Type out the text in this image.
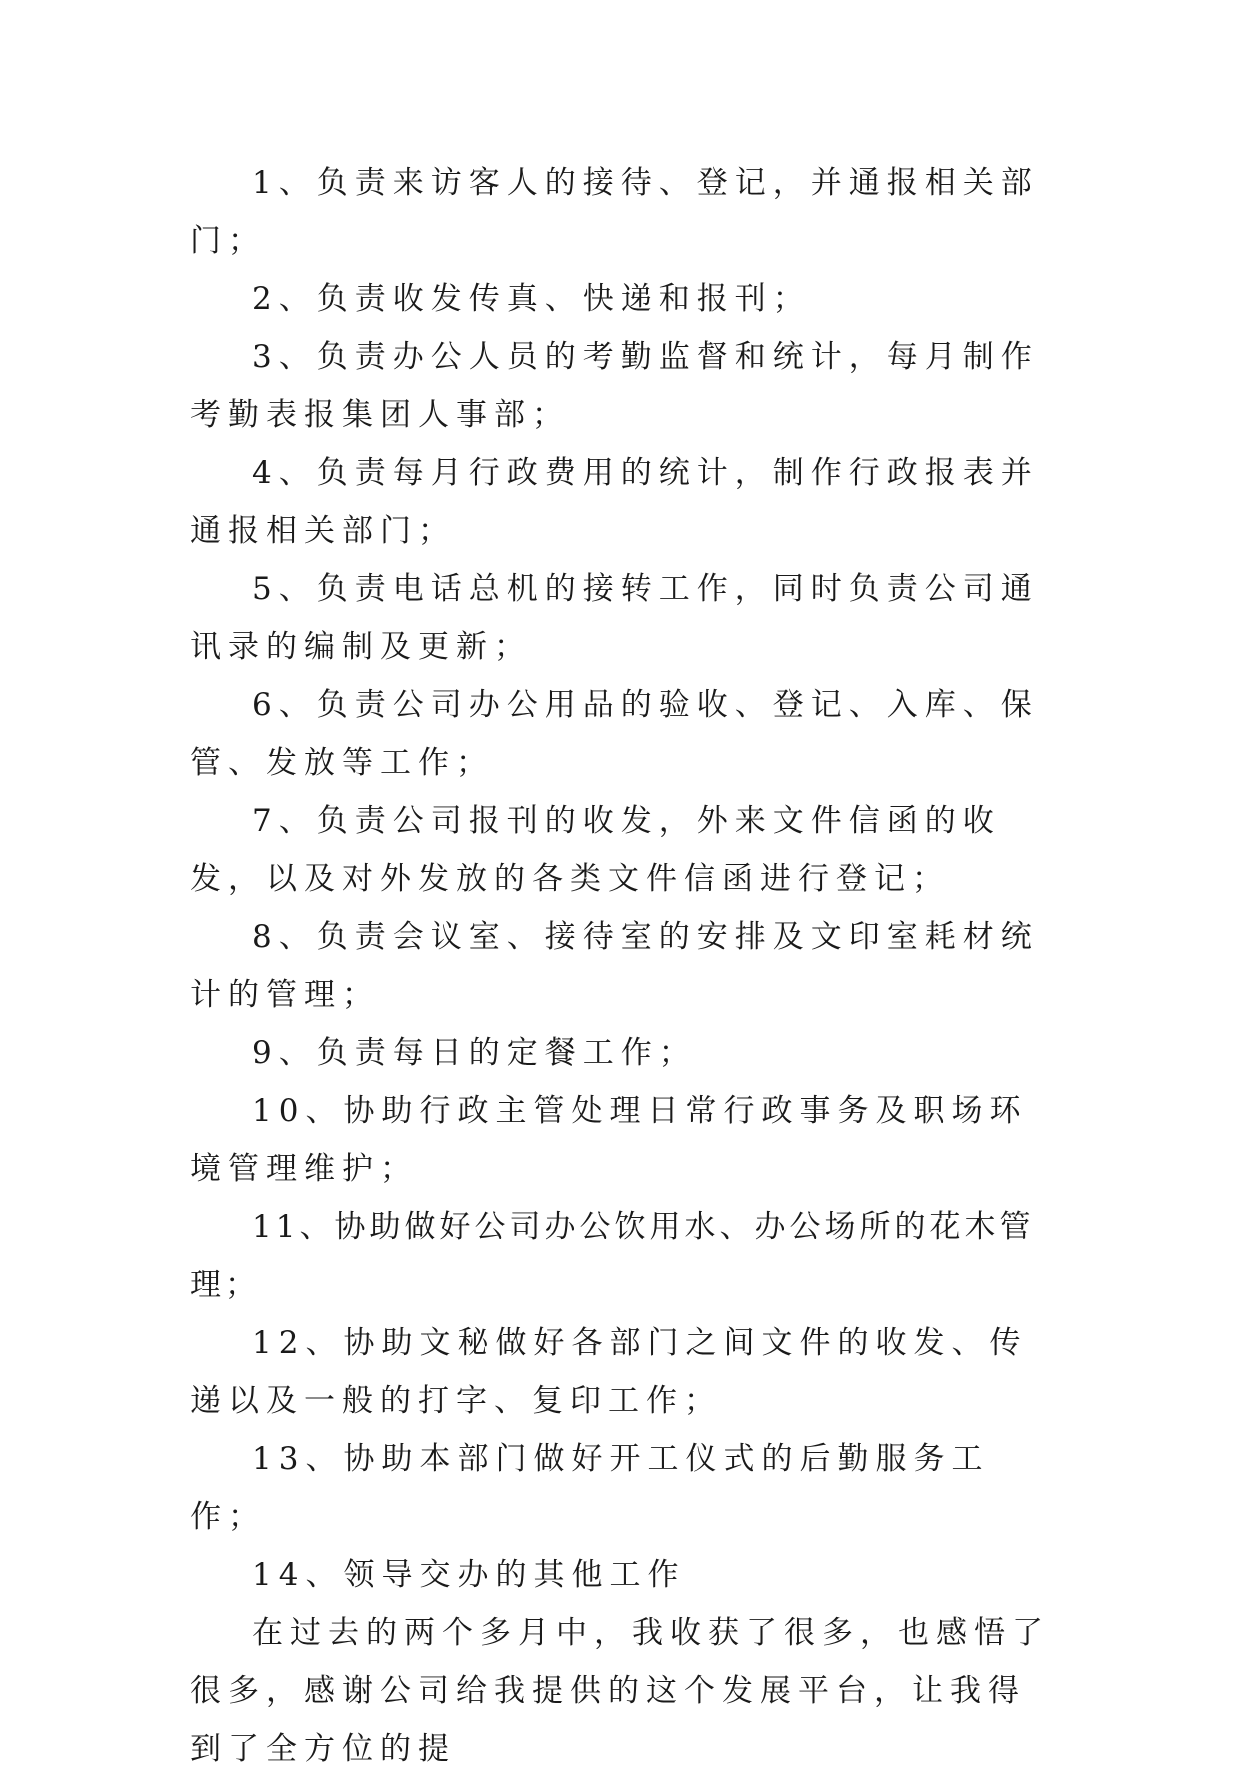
1、负责来访客人的接待、登记，并通报相关部门；

2、负责收发传真、快递和报刊；

3、负责办公人员的考勤监督和统计，每月制作考勤表报集团人事部；

4、负责每月行政费用的统计，制作行政报表并通报相关部门；

5、负责电话总机的接转工作，同时负责公司通讯录的编制及更新；

6、负责公司办公用品的验收、登记、入库、保管、发放等工作；

7、负责公司报刊的收发，外来文件信函的收发，以及对外发放的各类文件信函进行登记；

8、负责会议室、接待室的安排及文印室耗材统计的管理；

9、负责每日的定餐工作；

10、协助行政主管处理日常行政事务及职场环境管理维护；

11、协助做好公司办公饮用水、办公场所的花木管理；

12、协助文秘做好各部门之间文件的收发、传递以及一般的打字、复印工作；

13、协助本部门做好开工仪式的后勤服务工作；

14、领导交办的其他工作

在过去的两个多月中，我收获了很多，也感悟了很多，感谢公司给我提供的这个发展平台，让我得到了全方位的提
